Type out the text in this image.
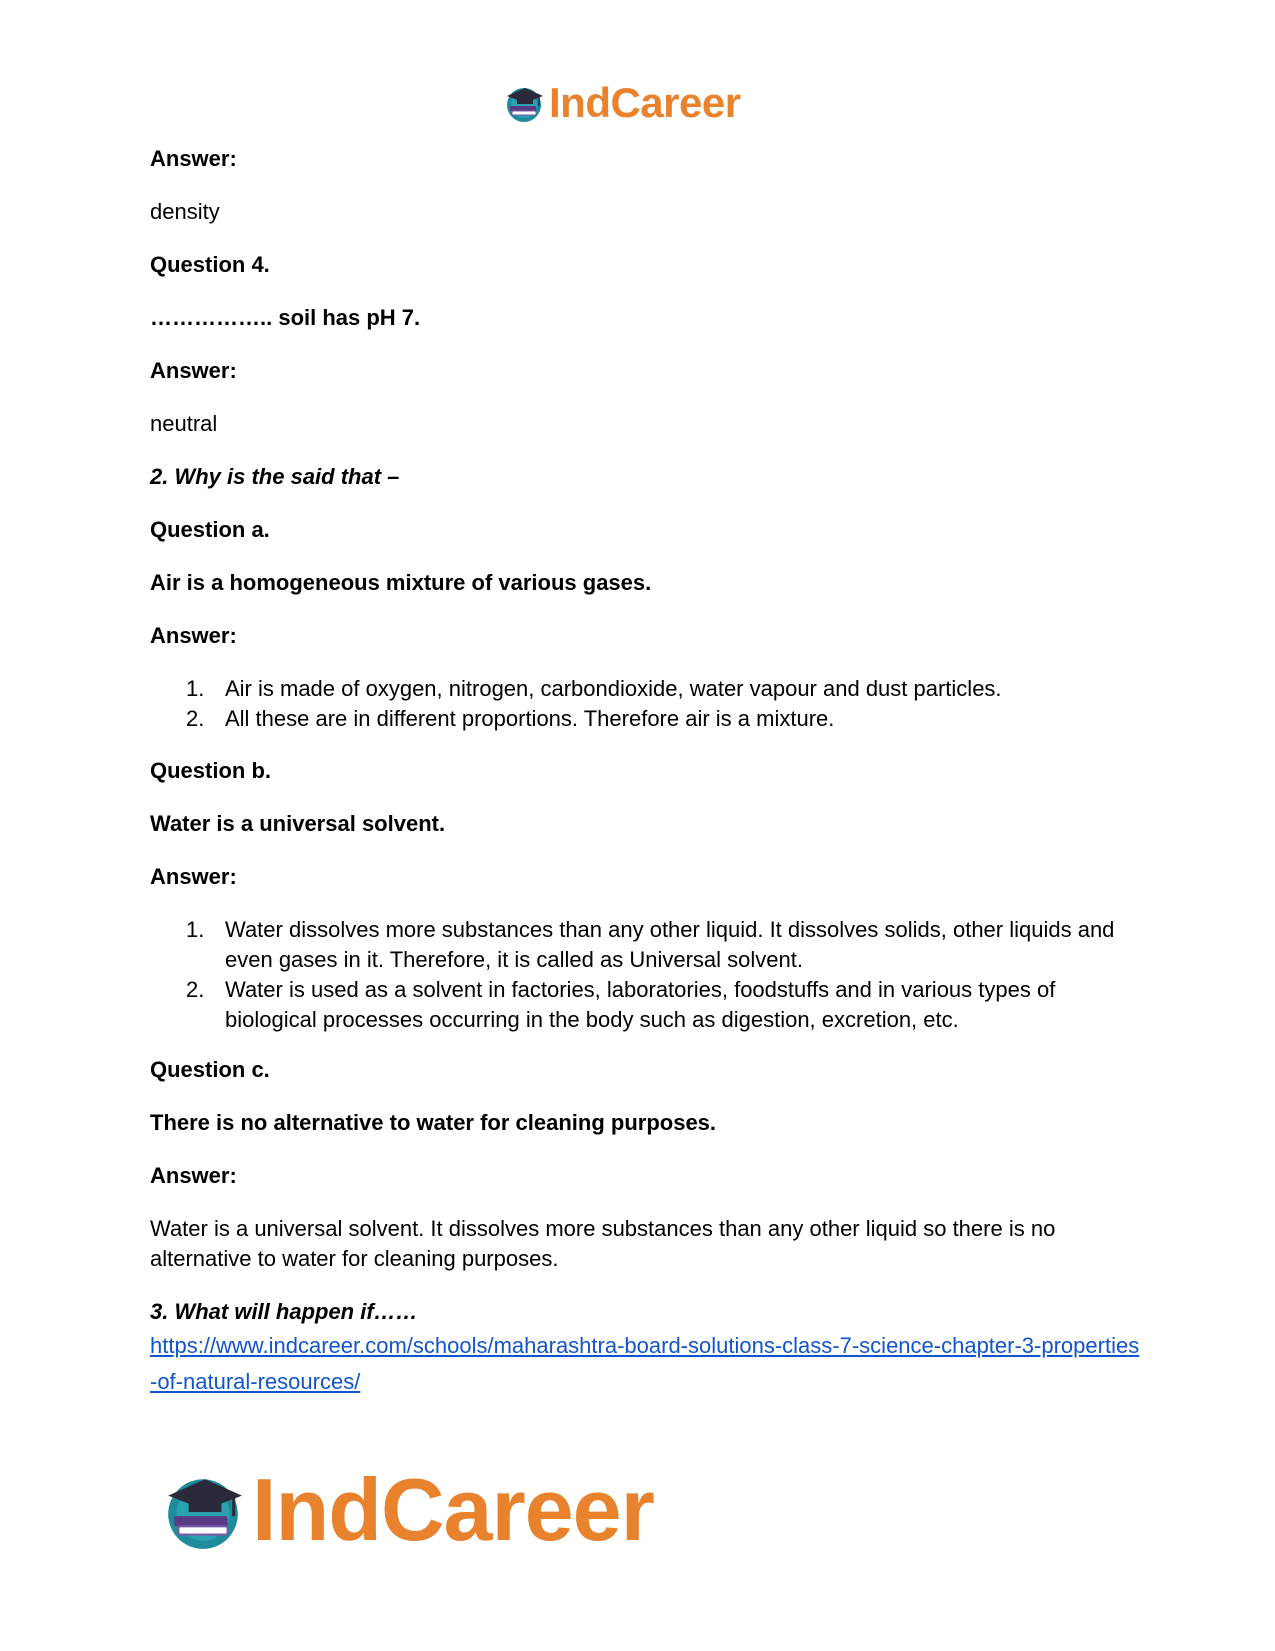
IndCareer
Answer:
density
Question 4.
…………….. soil has pH 7.
Answer:
neutral
2. Why is the said that –
Question a.
Air is a homogeneous mixture of various gases.
Answer:
1. Air is made of oxygen, nitrogen, carbondioxide, water vapour and dust particles.
2. All these are in different proportions. Therefore air is a mixture.
Question b.
Water is a universal solvent.
Answer:
1. Water dissolves more substances than any other liquid. It dissolves solids, other liquids and even gases in it. Therefore, it is called as Universal solvent.
2. Water is used as a solvent in factories, laboratories, foodstuffs and in various types of biological processes occurring in the body such as digestion, excretion, etc.
Question c.
There is no alternative to water for cleaning purposes.
Answer:
Water is a universal solvent. It dissolves more substances than any other liquid so there is no alternative to water for cleaning purposes.
3. What will happen if……
https://www.indcareer.com/schools/maharashtra-board-solutions-class-7-science-chapter-3-properties-of-natural-resources/
IndCareer
